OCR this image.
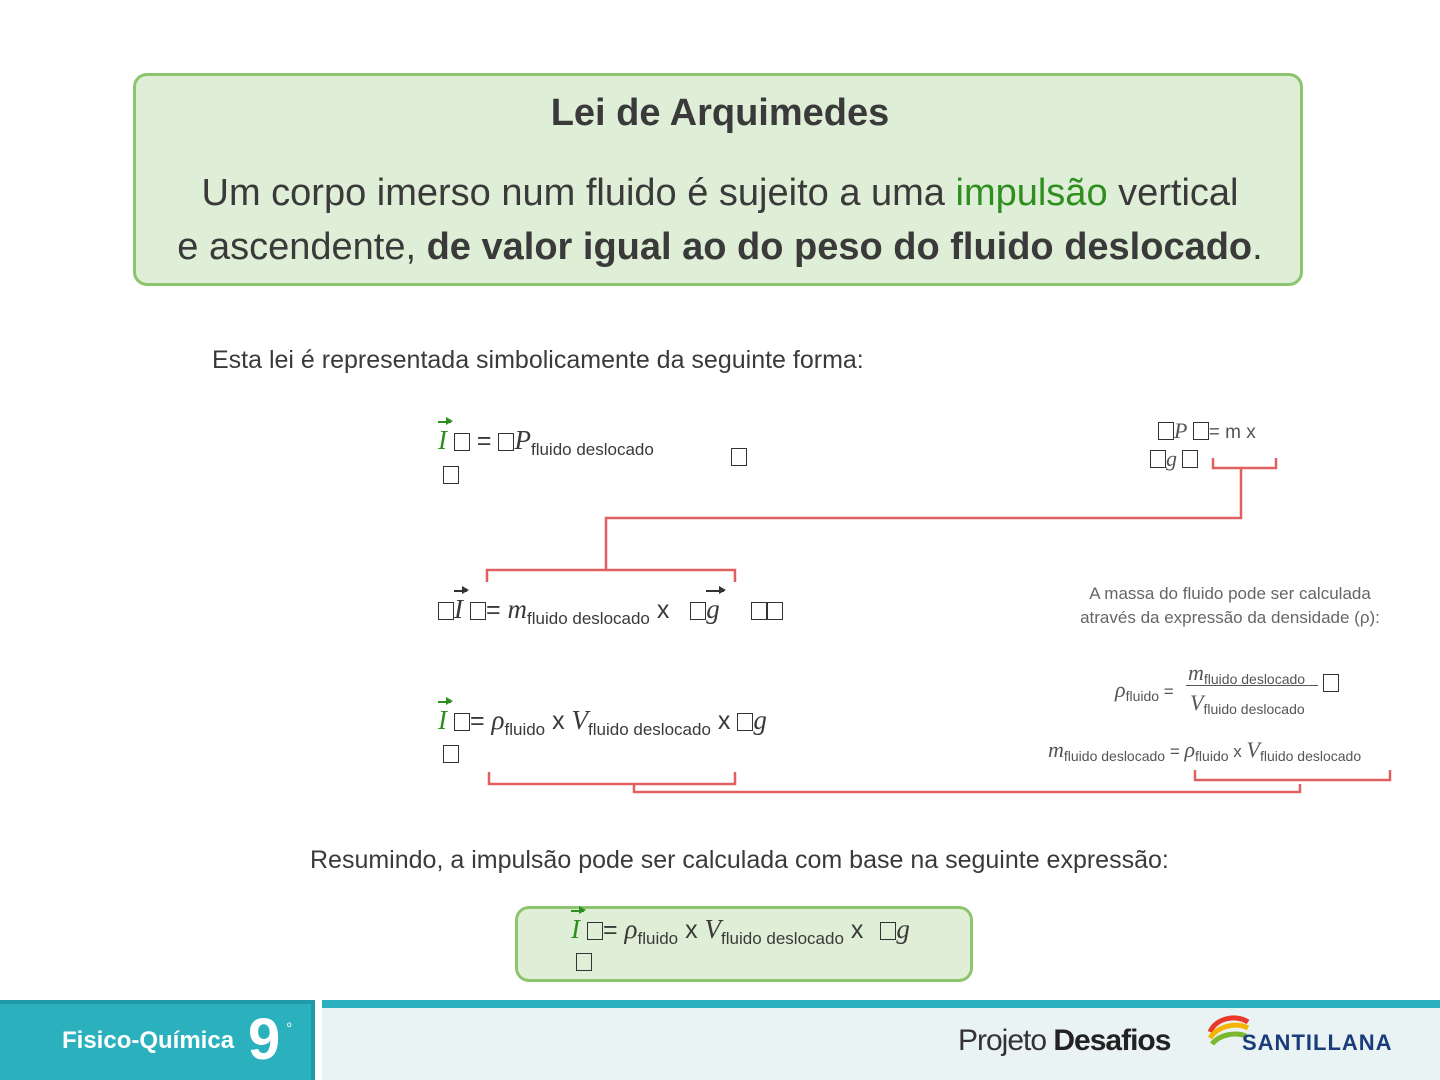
Lei de Arquimedes
Um corpo imerso num fluido é sujeito a uma impulsão vertical
e ascendente, de valor igual ao do peso do fluido deslocado.
Esta lei é representada simbolicamente da seguinte forma:
$I = P_{fluido deslocado}$
P = m x
g
$I = m_{fluido deslocado}$ x g
A massa do fluido pode ser calculada
através da expressão da densidade (ρ):
$\rho_{fluido}$ =
$m_{fluido deslocado}$
$V_{fluido deslocado}$
$m_{fluido deslocado} = \rho_{fluido}$ x $V_{fluido deslocado}$
$I = \rho_{fluido}$ x $V_{fluido deslocado}$ x g
Resumindo, a impulsão pode ser calculada com base na seguinte expressão:
$I = \rho_{fluido}$ x $V_{fluido deslocado}$ x g
Fisico-Química 9 º	Projeto Desafios	SANTILLANA
